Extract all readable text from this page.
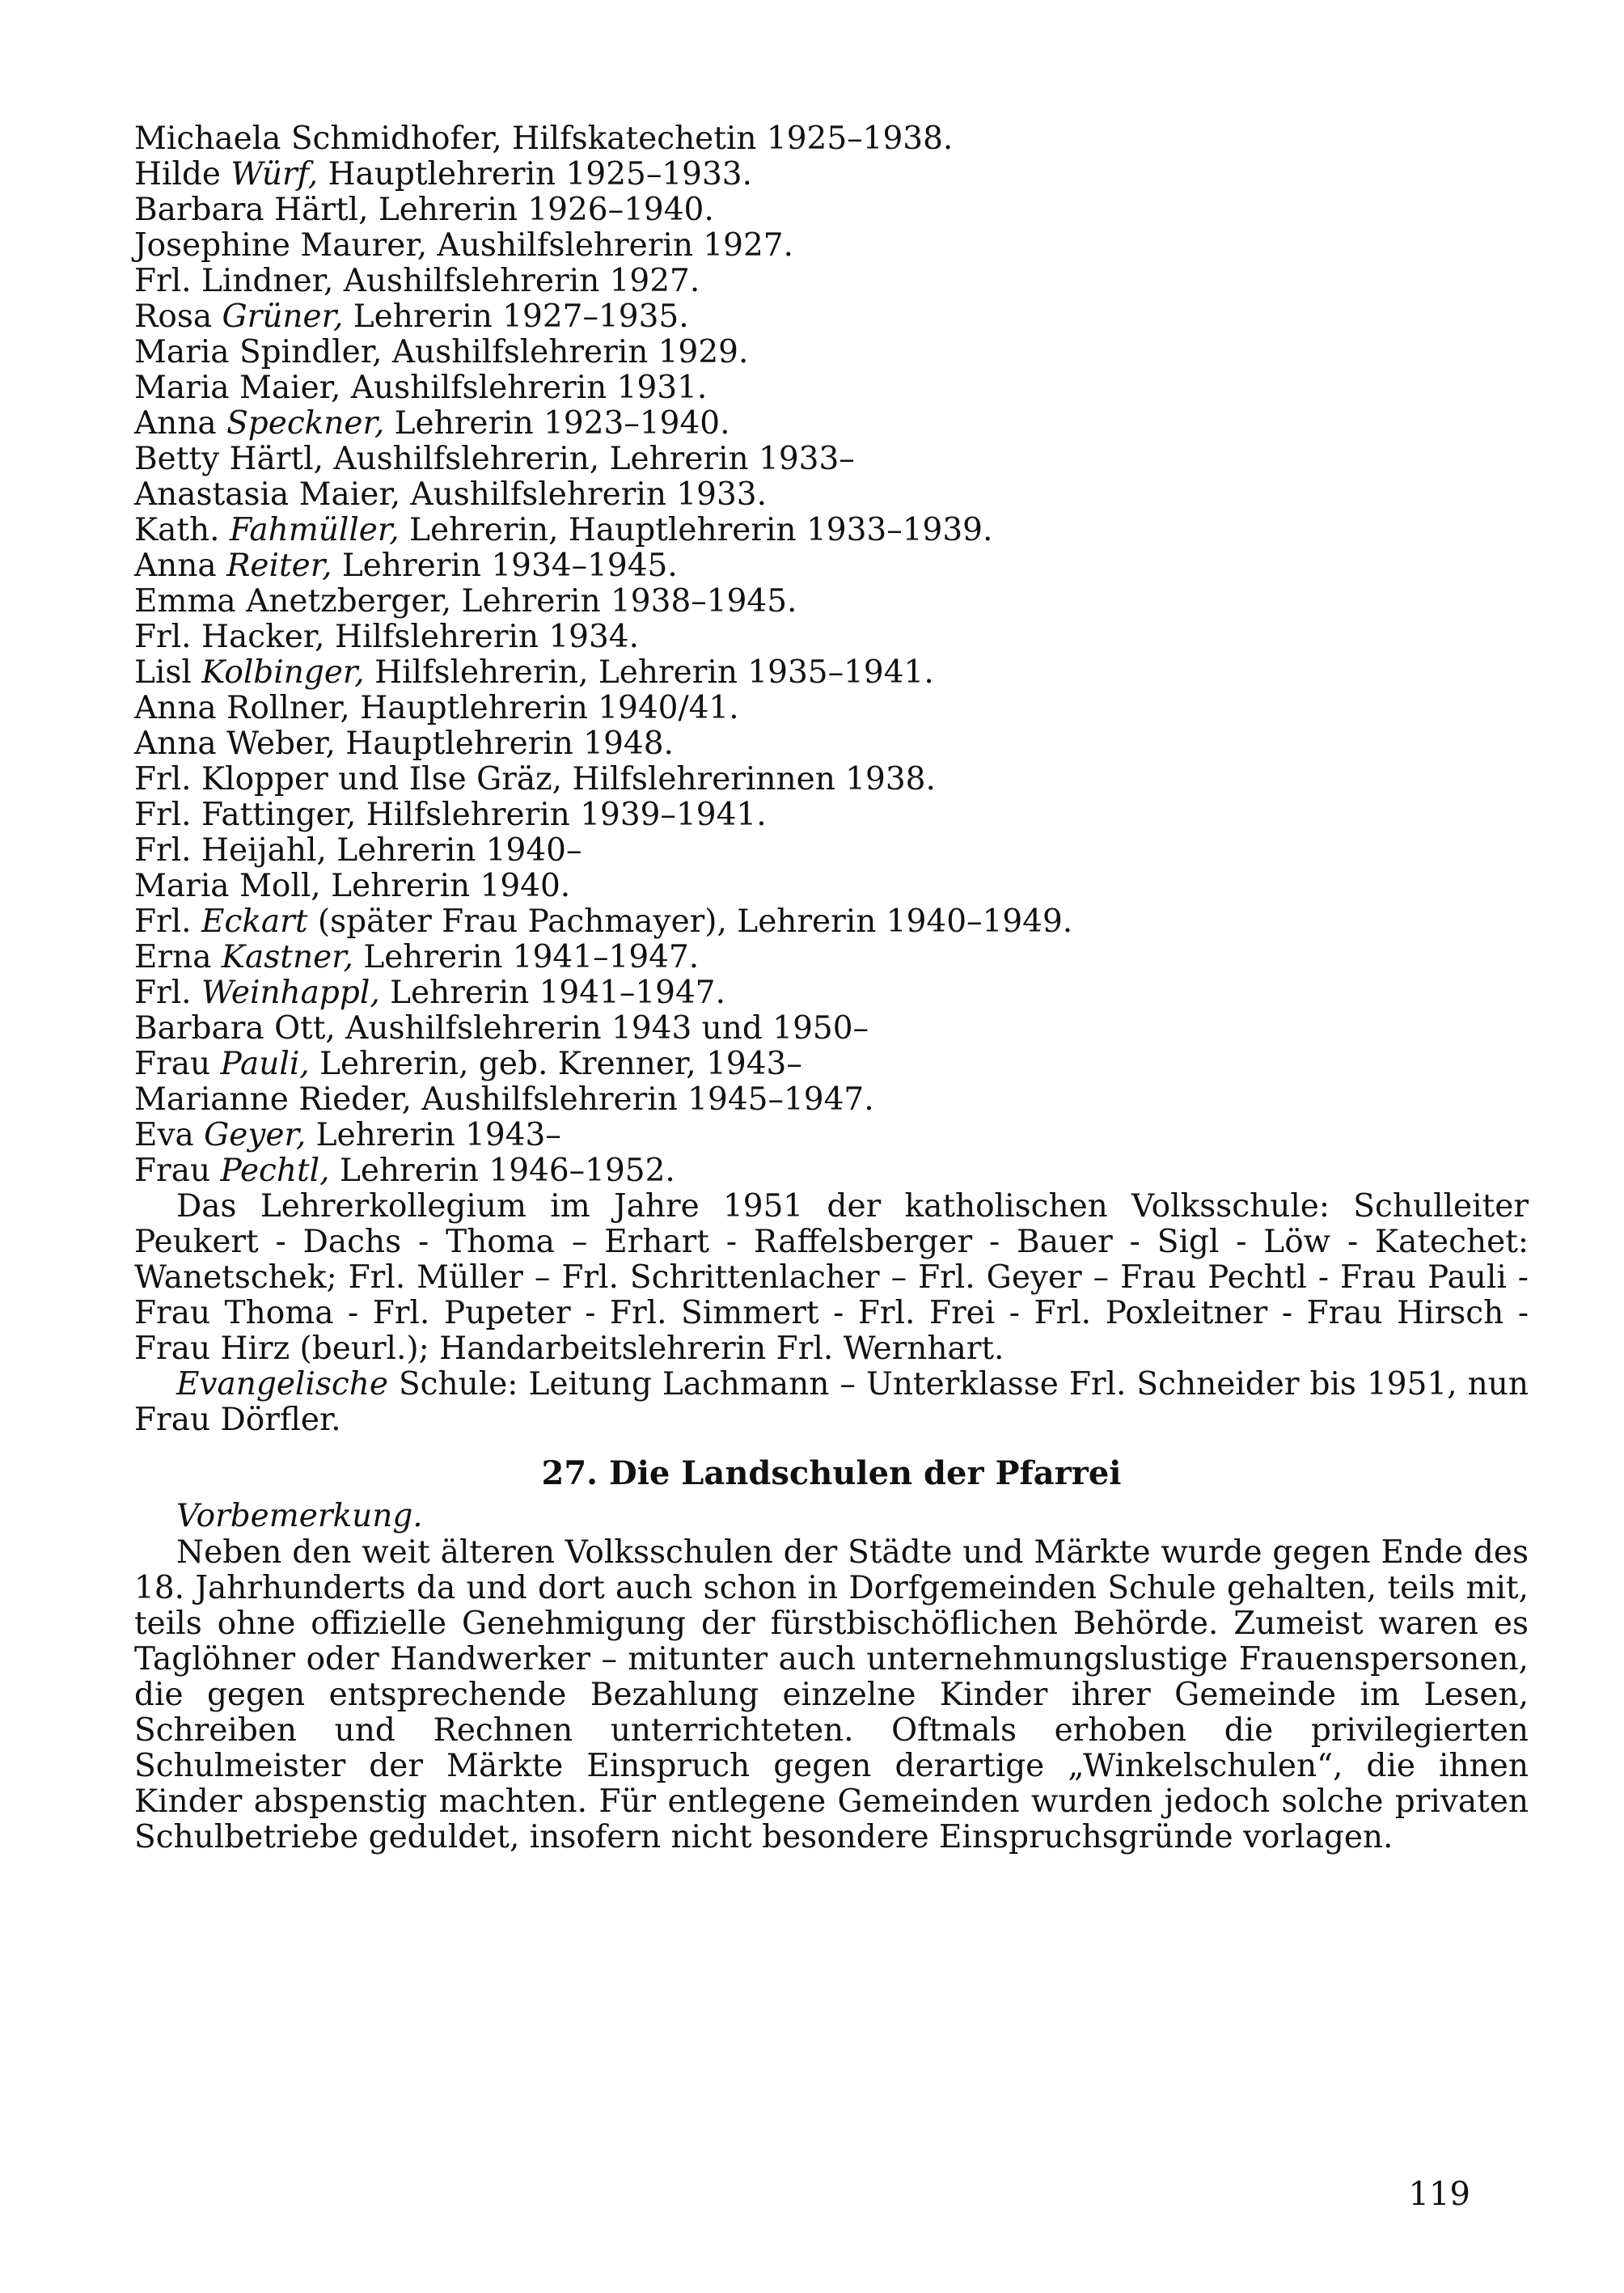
Michaela Schmidhofer, Hilfskatechetin 1925–1938.
Hilde Würf, Hauptlehrerin 1925–1933.
Barbara Härtl, Lehrerin 1926–1940.
Josephine Maurer, Aushilfslehrerin 1927.
Frl. Lindner, Aushilfslehrerin 1927.
Rosa Grüner, Lehrerin 1927–1935.
Maria Spindler, Aushilfslehrerin 1929.
Maria Maier, Aushilfslehrerin 1931.
Anna Speckner, Lehrerin 1923–1940.
Betty Härtl, Aushilfslehrerin, Lehrerin 1933–
Anastasia Maier, Aushilfslehrerin 1933.
Kath. Fahmüller, Lehrerin, Hauptlehrerin 1933–1939.
Anna Reiter, Lehrerin 1934–1945.
Emma Anetzberger, Lehrerin 1938–1945.
Frl. Hacker, Hilfslehrerin 1934.
Lisl Kolbinger, Hilfslehrerin, Lehrerin 1935–1941.
Anna Rollner, Hauptlehrerin 1940/41.
Anna Weber, Hauptlehrerin 1948.
Frl. Klopper und Ilse Gräz, Hilfslehrerinnen 1938.
Frl. Fattinger, Hilfslehrerin 1939–1941.
Frl. Heijahl, Lehrerin 1940–
Maria Moll, Lehrerin 1940.
Frl. Eckart (später Frau Pachmayer), Lehrerin 1940–1949.
Erna Kastner, Lehrerin 1941–1947.
Frl. Weinhappl, Lehrerin 1941–1947.
Barbara Ott, Aushilfslehrerin 1943 und 1950–
Frau Pauli, Lehrerin, geb. Krenner, 1943–
Marianne Rieder, Aushilfslehrerin 1945–1947.
Eva Geyer, Lehrerin 1943–
Frau Pechtl, Lehrerin 1946–1952.

Das Lehrerkollegium im Jahre 1951 der katholischen Volksschule: Schulleiter Peukert - Dachs - Thoma – Erhart - Raffelsberger - Bauer - Sigl - Löw - Katechet: Wanetschek; Frl. Müller – Frl. Schrittenlacher – Frl. Geyer – Frau Pechtl - Frau Pauli - Frau Thoma - Frl. Pupeter - Frl. Simmert - Frl. Frei - Frl. Poxleitner - Frau Hirsch - Frau Hirz (beurl.); Handarbeitslehrerin Frl. Wernhart.

Evangelische Schule: Leitung Lachmann – Unterklasse Frl. Schneider bis 1951, nun Frau Dörfler.

27. Die Landschulen der Pfarrei
Vorbemerkung.

Neben den weit älteren Volksschulen der Städte und Märkte wurde gegen Ende des 18. Jahrhunderts da und dort auch schon in Dorfgemeinden Schule gehalten, teils mit, teils ohne offizielle Genehmigung der fürstbischöflichen Behörde. Zumeist waren es Taglöhner oder Handwerker – mitunter auch unternehmungslustige Frauenspersonen, die gegen entsprechende Bezahlung einzelne Kinder ihrer Gemeinde im Lesen, Schreiben und Rechnen unterrichteten. Oftmals erhoben die privilegierten Schulmeister der Märkte Einspruch gegen derartige „Winkelschulen“, die ihnen Kinder abspenstig machten. Für entlegene Gemeinden wurden jedoch solche privaten Schulbetriebe geduldet, insofern nicht besondere Einspruchsgründe vorlagen.

119
